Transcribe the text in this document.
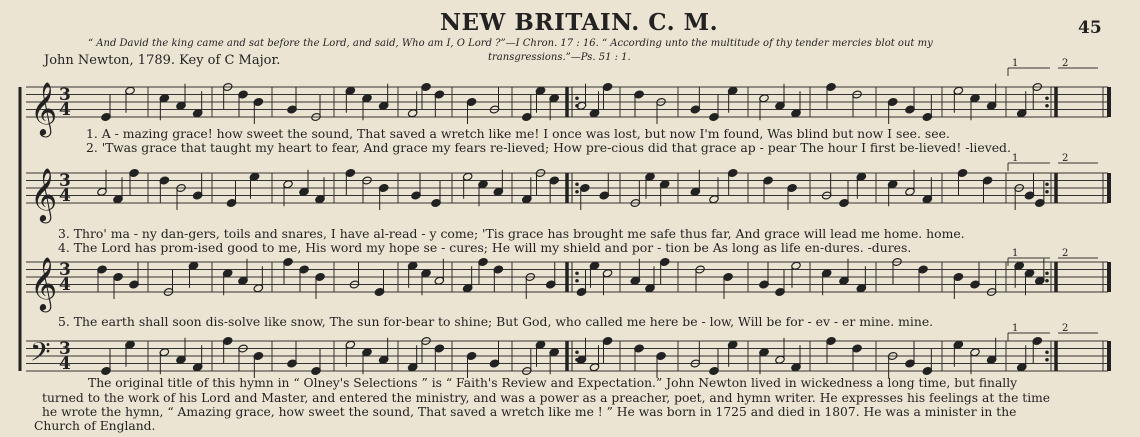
NEW BRITAIN. C. M.	45
“ And David the king came and sat before the Lord, and said, Who am I, O Lord ?”—I Chron. 17 : 16. “ According unto the multitude of thy tender mercies blot out my
transgressions.”—Ps. 51 : 1.
John Newton, 1789. Key of C Major.
𝄞 3
4
𝄞 3
4
𝄞 3
4
𝄢 3
4
1	2
1	2
1	2
1	2
1. A - mazing grace! how sweet the sound, That saved a wretch like me! I once was lost, but now I'm found, Was blind but now I see. see.
2. 'Twas grace that taught my heart to fear, And grace my fears re-lieved; How pre-cious did that grace ap - pear The hour I first be-lieved! -lieved.
3. Thro' ma - ny dan-gers, toils and snares, I have al-read - y come; 'Tis grace has brought me safe thus far, And grace will lead me home. home.
4. The Lord has prom-ised good to me, His word my hope se - cures; He will my shield and por - tion be As long as life en-dures. -dures.
5. The earth shall soon dis-solve like snow, The sun for-bear to shine; But God, who called me here be - low, Will be for - ev - er mine. mine.
The original title of this hymn in “ Olney's Selections ” is “ Faith's Review and Expectation.” John Newton lived in wickedness a long time, but finally
turned to the work of his Lord and Master, and entered the ministry, and was a power as a preacher, poet, and hymn writer. He expresses his feelings at the time
he wrote the hymn, “ Amazing grace, how sweet the sound, That saved a wretch like me ! ” He was born in 1725 and died in 1807. He was a minister in the
Church of England.
